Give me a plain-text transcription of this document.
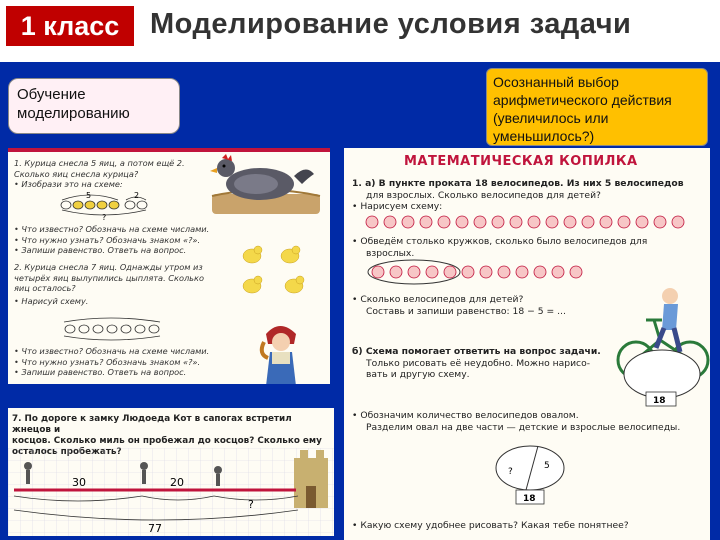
1 класс	Моделирование условия задачи
Обучение моделированию
Осознанный выбор арифметического действия (увеличилось или уменьшилось?)
1. Курица снесла 5 яиц, а потом ещё 2.
Сколько яиц снесла курица?
• Изобрази это на схеме:
5	2
?
• Что известно? Обозначь на схеме числами.
• Что нужно узнать? Обозначь знаком «?».
• Запиши равенство. Ответь на вопрос.
2. Курица снесла 7 яиц. Однажды утром из
четырёх яиц вылупились цыплята. Сколько
яиц осталось?
• Нарисуй схему.
• Что известно? Обозначь на схеме числами.
• Что нужно узнать? Обозначь знаком «?».
• Запиши равенство. Ответь на вопрос.
7. По дороге к замку Людоеда Кот в сапогах встретил жнецов и
косцов. Сколько миль он пробежал до косцов? Сколько ему
30	20
?
77
МАТЕМАТИЧЕСКАЯ КОПИЛКА
1. а) В пункте проката 18 велосипедов. Из них 5 велосипедов
для взрослых. Сколько велосипедов для детей?
• Нарисуем схему:
• Обведём столько кружков, сколько было велосипедов для
взрослых.
• Сколько велосипедов для детей?
Составь и запиши равенство: 18 − 5 = ...
б) Схема помогает ответить на вопрос задачи.
Только рисовать её неудобно. Можно нарисо-
вать и другую схему.
18
• Обозначим количество велосипедов овалом.
Разделим овал на две части — детские и взрослые велосипеды.
?
5
18
• Какую схему удобнее рисовать? Какая тебе понятнее?
